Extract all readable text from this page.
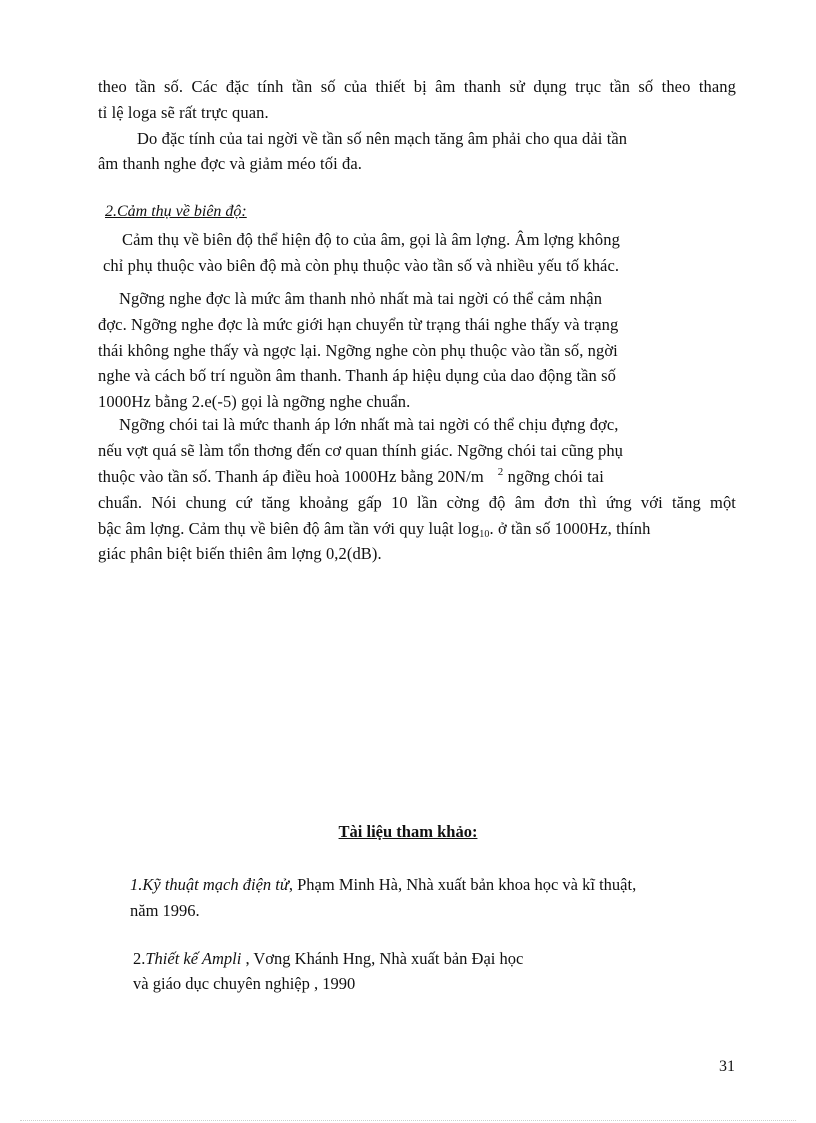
theo tần số. Các đặc tính tần số của thiết bị âm thanh sử dụng trục tần số theo thang
tỉ lệ loga sẽ rất trực quan.
Do đặc tính của tai ngời về tần số nên mạch tăng âm phải cho qua dải tần
âm thanh nghe đợc và giảm méo tối đa.
2.Cảm thụ về biên độ:
Cảm thụ về biên độ thể hiện độ to của âm, gọi là âm lợng. Âm lợng không
chỉ phụ thuộc vào biên độ mà còn phụ thuộc vào tần số và nhiều yếu tố khác.
Ngỡng nghe đợc là mức âm thanh nhỏ nhất mà tai ngời có thể cảm nhận
đợc. Ngỡng nghe đợc là mức giới hạn chuyển từ trạng thái nghe thấy và trạng
thái không nghe thấy và ngợc lại. Ngỡng nghe còn phụ thuộc vào tần số, ngời
nghe và cách bố trí nguồn âm thanh. Thanh áp hiệu dụng của dao động tần số
1000Hz bằng 2.e(-5) gọi là ngỡng nghe chuẩn.
Ngỡng chói tai là mức thanh áp lớn nhất mà tai ngời có thể chịu đựng đợc,
nếu vợt quá sẽ làm tổn thơng đến cơ quan thính giác. Ngỡng chói tai cũng phụ
thuộc vào tần số. Thanh áp điều hoà 1000Hz bằng 20N/m $^2$ ngỡng chói tai
chuẩn. Nói chung cứ tăng khoảng gấp 10 lần cờng độ âm đơn thì ứng với tăng một
bậc âm lợng. Cảm thụ về biên độ âm tần với quy luật log10. ở tần số 1000Hz, thính
giác phân biệt biến thiên âm lợng 0,2(dB).
Tài liệu tham khảo:
1.Kỹ thuật mạch điện tử, Phạm Minh Hà, Nhà xuất bản khoa học và kĩ thuật,
năm 1996.
2.Thiết kế Ampli , Vơng Khánh Hng, Nhà xuất bản Đại học
và giáo dục chuyên nghiệp , 1990
31
